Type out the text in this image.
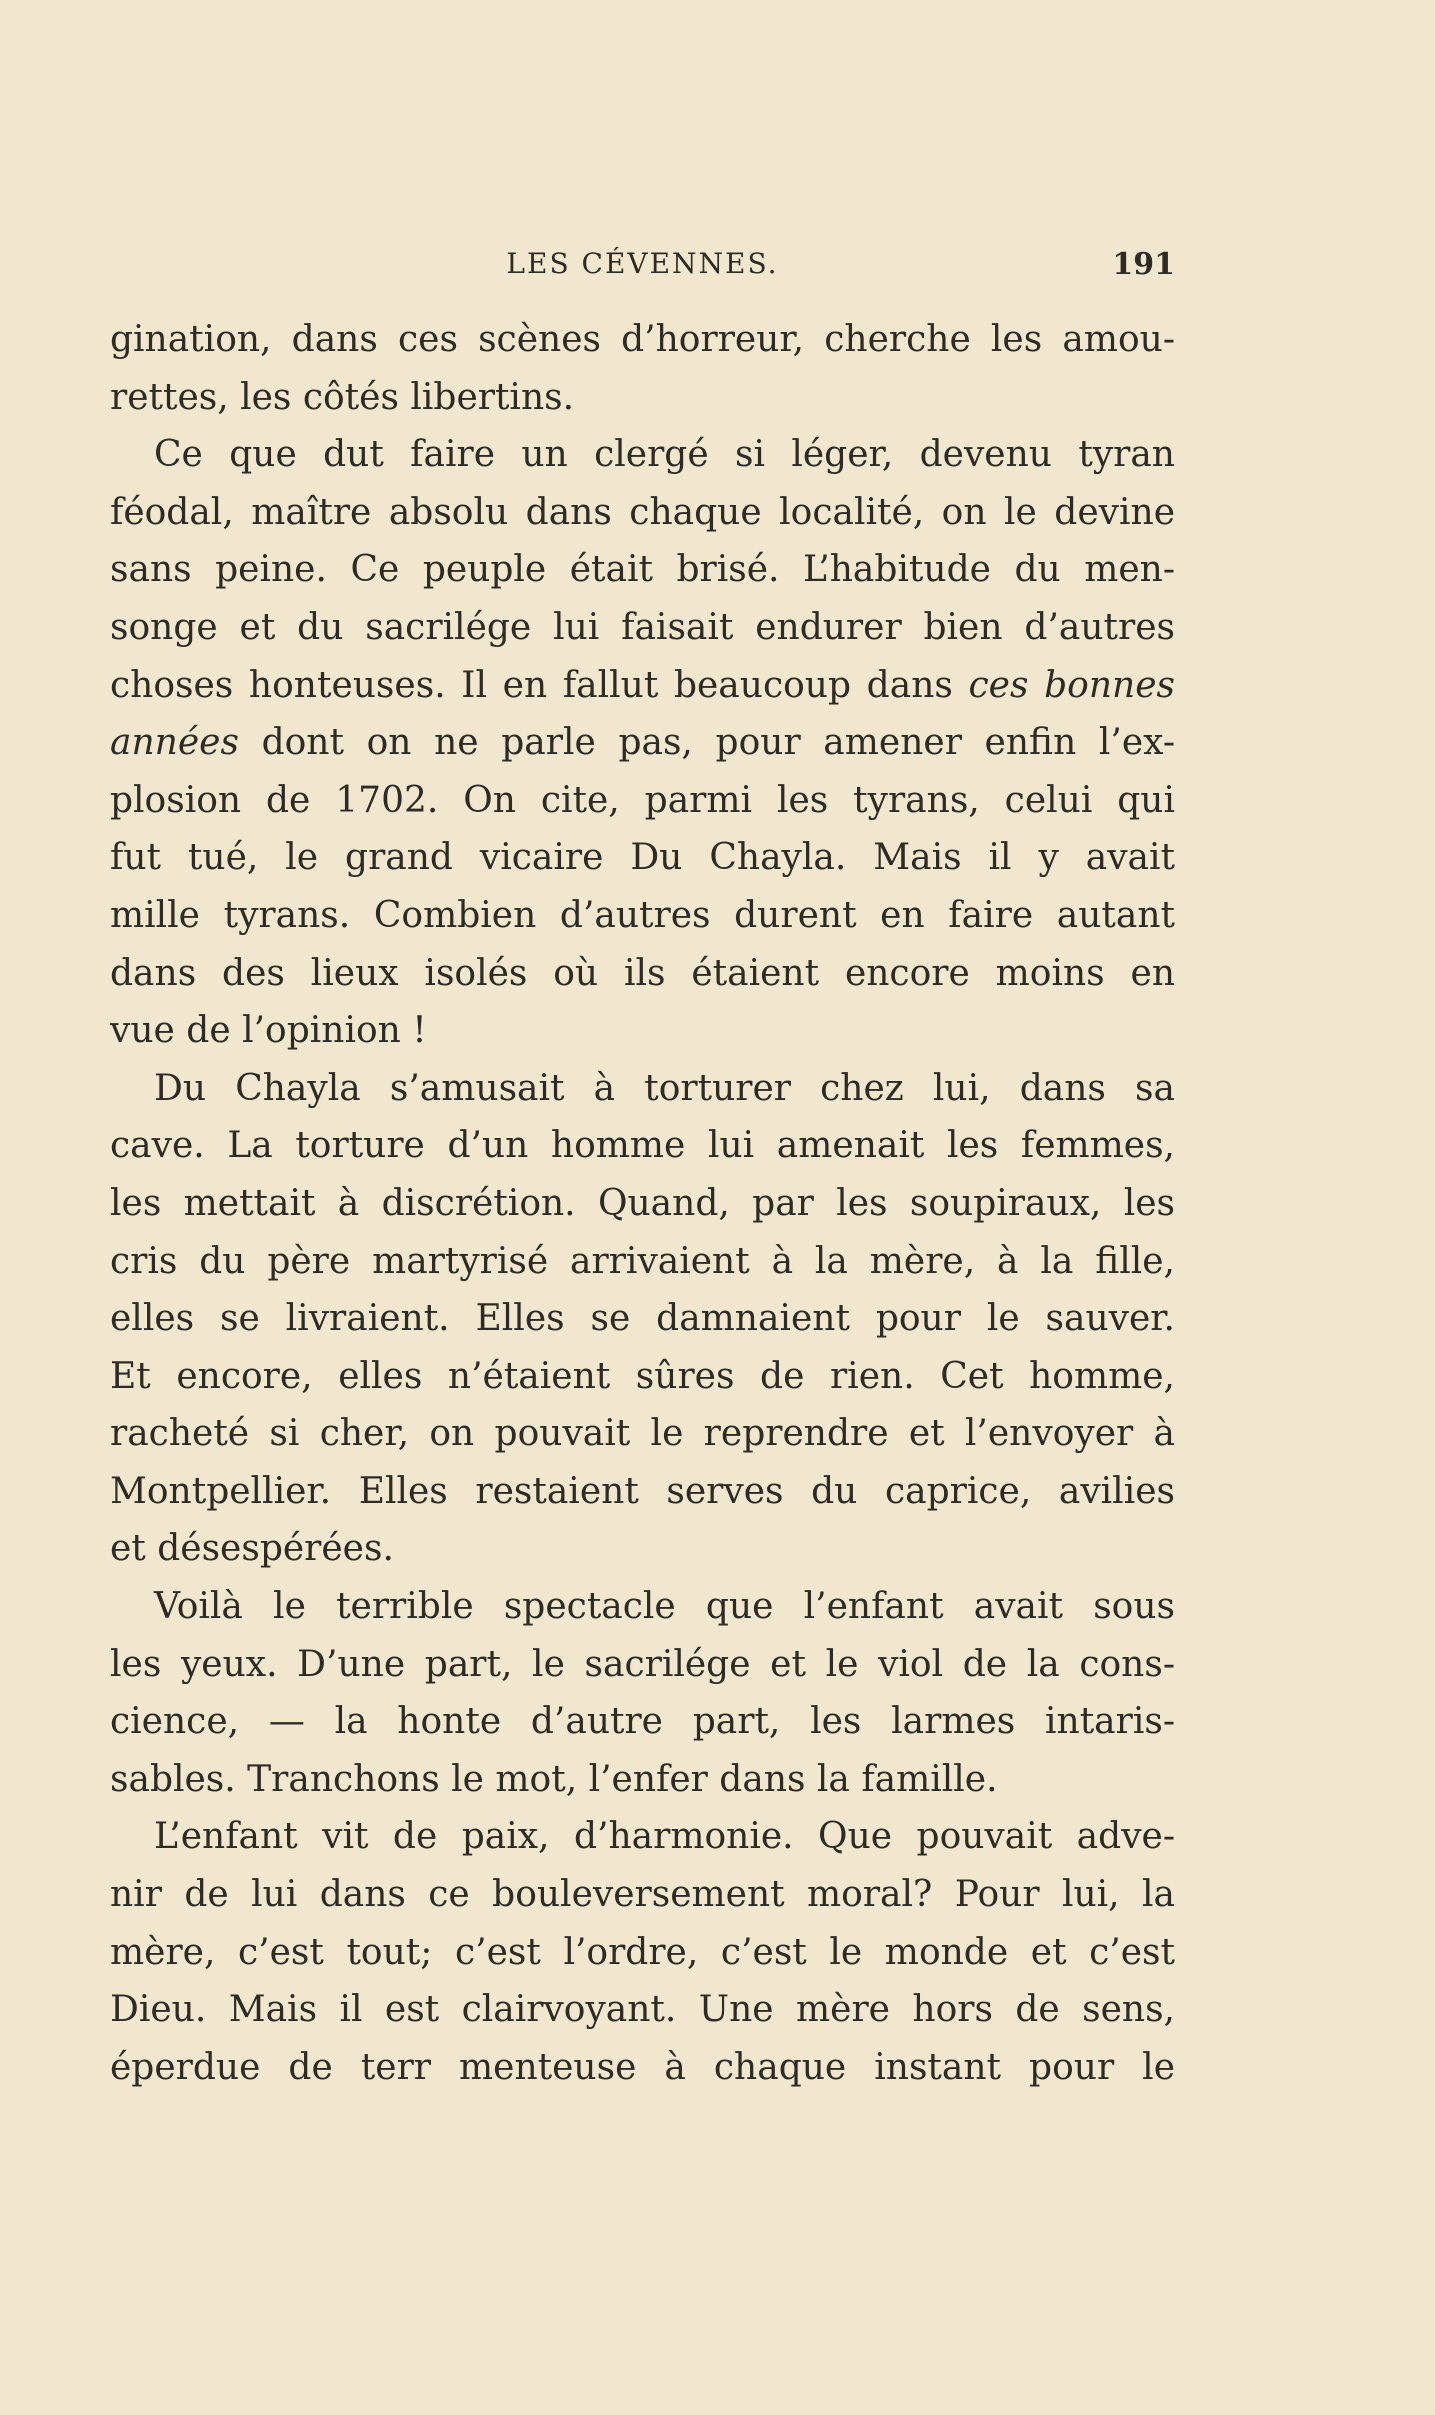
LES CÉVENNES.	191
gination, dans ces scènes d’horreur, cherche les amou-
rettes, les côtés libertins.
Ce que dut faire un clergé si léger, devenu tyran
féodal, maître absolu dans chaque localité, on le devine
sans peine. Ce peuple était brisé. L’habitude du men-
songe et du sacrilége lui faisait endurer bien d’autres
choses honteuses. Il en fallut beaucoup dans ces bonnes
années dont on ne parle pas, pour amener enfin l’ex-
plosion de 1702. On cite, parmi les tyrans, celui qui
fut tué, le grand vicaire Du Chayla. Mais il y avait
mille tyrans. Combien d’autres durent en faire autant
dans des lieux isolés où ils étaient encore moins en
vue de l’opinion !
Du Chayla s’amusait à torturer chez lui, dans sa
cave. La torture d’un homme lui amenait les femmes,
les mettait à discrétion. Quand, par les soupiraux, les
cris du père martyrisé arrivaient à la mère, à la fille,
elles se livraient. Elles se damnaient pour le sauver.
Et encore, elles n’étaient sûres de rien. Cet homme,
racheté si cher, on pouvait le reprendre et l’envoyer à
Montpellier. Elles restaient serves du caprice, avilies
et désespérées.
Voilà le terrible spectacle que l’enfant avait sous
les yeux. D’une part, le sacrilége et le viol de la cons-
cience, — la honte d’autre part, les larmes intaris-
sables. Tranchons le mot, l’enfer dans la famille.
L’enfant vit de paix, d’harmonie. Que pouvait adve-
nir de lui dans ce bouleversement moral? Pour lui, la
mère, c’est tout; c’est l’ordre, c’est le monde et c’est
Dieu. Mais il est clairvoyant. Une mère hors de sens,
éperdue de terr menteuse à chaque instant pour le
